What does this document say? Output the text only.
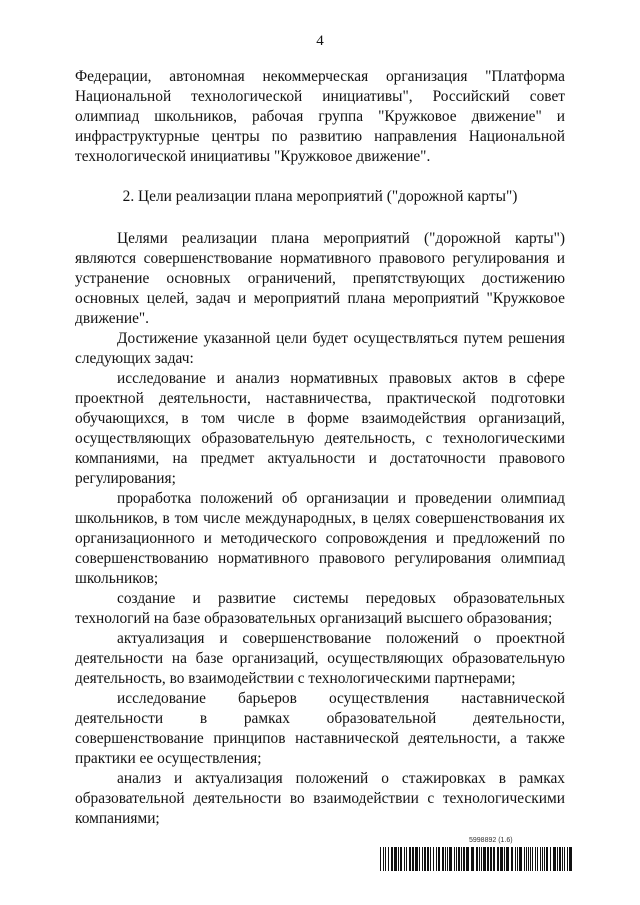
4

Федерации, автономная некоммерческая организация "Платформа Национальной технологической инициативы", Российский совет олимпиад школьников, рабочая группа "Кружковое движение" и инфраструктурные центры по развитию направления Национальной технологической инициативы "Кружковое движение".

2. Цели реализации плана мероприятий ("дорожной карты")

Целями реализации плана мероприятий ("дорожной карты") являются совершенствование нормативного правового регулирования и устранение основных ограничений, препятствующих достижению основных целей, задач и мероприятий плана мероприятий "Кружковое движение".

Достижение указанной цели будет осуществляться путем решения следующих задач:

исследование и анализ нормативных правовых актов в сфере проектной деятельности, наставничества, практической подготовки обучающихся, в том числе в форме взаимодействия организаций, осуществляющих образовательную деятельность, с технологическими компаниями, на предмет актуальности и достаточности правового регулирования;

проработка положений об организации и проведении олимпиад школьников, в том числе международных, в целях совершенствования их организационного и методического сопровождения и предложений по совершенствованию нормативного правового регулирования олимпиад школьников;

создание и развитие системы передовых образовательных технологий на базе образовательных организаций высшего образования;

актуализация и совершенствование положений о проектной деятельности на базе организаций, осуществляющих образовательную деятельность, во взаимодействии с технологическими партнерами;

исследование барьеров осуществления наставнической деятельности в рамках образовательной деятельности, совершенствование принципов наставнической деятельности, а также практики ее осуществления;

анализ и актуализация положений о стажировках в рамках образовательной деятельности во взаимодействии с технологическими компаниями;

5998892 (1.6)
